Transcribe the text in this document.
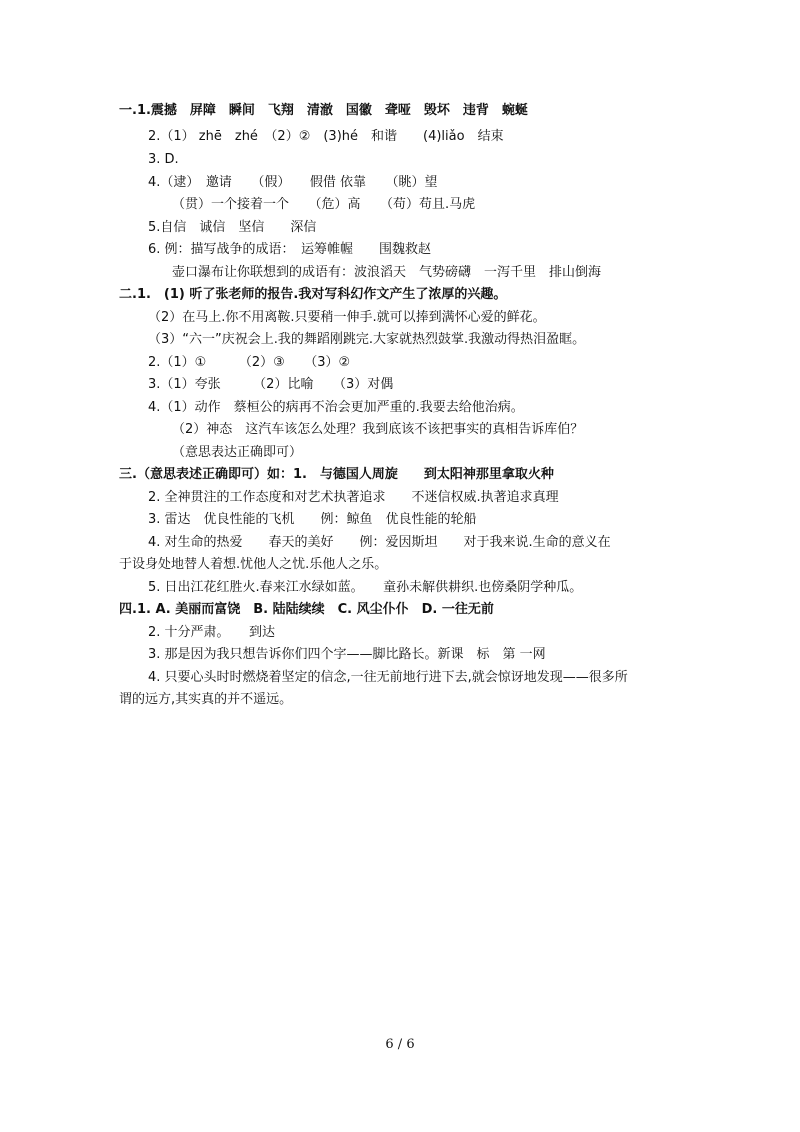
一.1.震撼　屏障　瞬间　飞翔　清澈　国徽　聋哑　毁坏　违背　蜿蜒
2.（1） zhē　zhé　（2）②　(3)hé　和谐　　(4)liǎo　结束
3. D.
4.（逮）　邀请　　（假）　　假借 依靠　　（眺）望
（贯）一个接着一个　　（危）高　　（苟）苟且.马虎
5.自信　诚信　坚信　　深信
6. 例：描写战争的成语：　运筹帷幄　　围魏救赵
壶口瀑布让你联想到的成语有：波浪滔天　气势磅礴　一泻千里　排山倒海
二.1.　(1) 听了张老师的报告.我对写科幻作文产生了浓厚的兴趣。
（2）在马上.你不用离鞍.只要稍一伸手.就可以捧到满怀心爱的鲜花。
（3）“六一”庆祝会上.我的舞蹈刚跳完.大家就热烈鼓掌.我激动得热泪盈眶。
2.（1）①　　　（2）③　　（3）②
3.（1）夸张　　　（2）比喻　　（3）对偶
4.（1）动作　蔡桓公的病再不治会更加严重的.我要去给他治病。
（2）神态　这汽车该怎么处理？我到底该不该把事实的真相告诉库伯？
（意思表达正确即可）
三.（意思表述正确即可）如：1.　与德国人周旋　　到太阳神那里拿取火种
2. 全神贯注的工作态度和对艺术执著追求　　不迷信权威.执著追求真理
3. 雷达　优良性能的飞机　　例：鲸鱼　优良性能的轮船
4. 对生命的热爱　　春天的美好　　例：爱因斯坦　　对于我来说.生命的意义在
于设身处地替人着想.忧他人之忧.乐他人之乐。
5. 日出江花红胜火.春来江水绿如蓝。　　童孙未解供耕织.也傍桑阴学种瓜。
四.1. A. 美丽而富饶　B. 陆陆续续　C. 风尘仆仆　D. 一往无前
2. 十分严肃。　　到达
3. 那是因为我只想告诉你们四个字——脚比路长。新课　标　第 一网
4. 只要心头时时燃烧着坚定的信念,一往无前地行进下去,就会惊讶地发现——很多所
谓的远方,其实真的并不遥远。
6 / 6
